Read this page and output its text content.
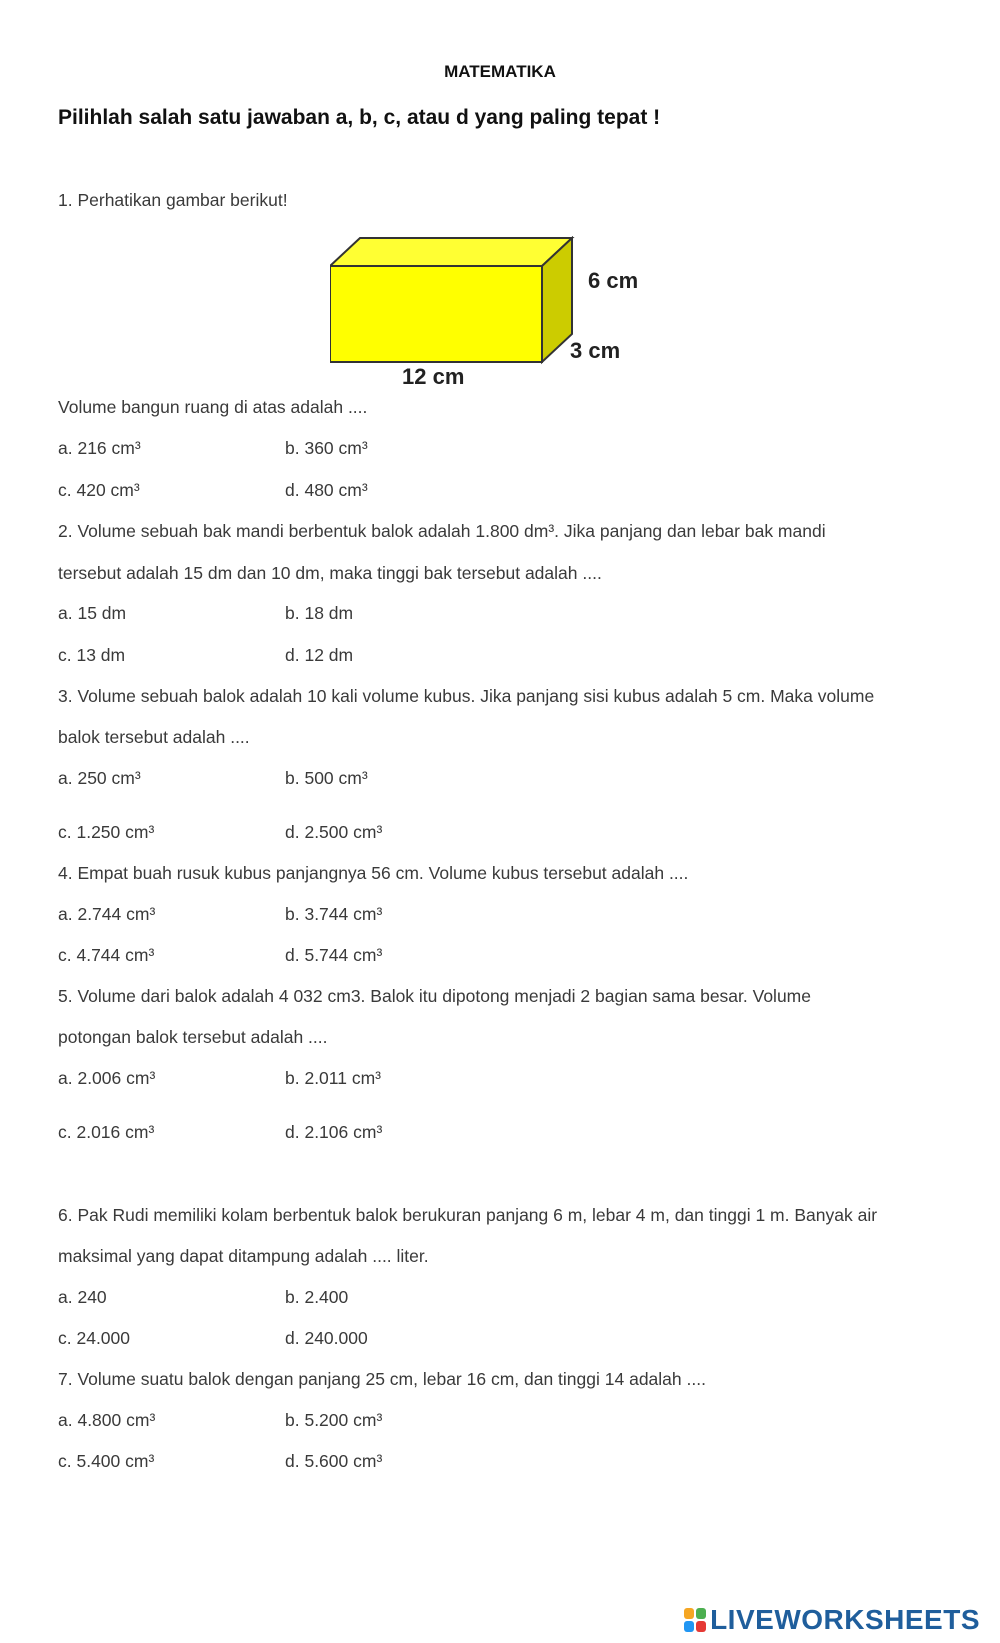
MATEMATIKA
Pilihlah salah satu jawaban a, b, c, atau d yang paling tepat !
1. Perhatikan gambar berikut!
6 cm
3 cm
12 cm
Volume bangun ruang di atas adalah ....
a. 216 cm³	b. 360 cm³
c. 420 cm³	d. 480 cm³
2. Volume sebuah bak mandi berbentuk balok adalah 1.800 dm³. Jika panjang dan lebar bak mandi
tersebut adalah 15 dm dan 10 dm, maka tinggi bak tersebut adalah ....
a. 15 dm	b. 18 dm
c. 13 dm	d. 12 dm
3. Volume sebuah balok adalah 10 kali volume kubus. Jika panjang sisi kubus adalah 5 cm. Maka volume
balok tersebut adalah ....
a. 250 cm³	b. 500 cm³
c. 1.250 cm³	d. 2.500 cm³
4. Empat buah rusuk kubus panjangnya 56 cm. Volume kubus tersebut adalah ....
a. 2.744 cm³	b. 3.744 cm³
c. 4.744 cm³	d. 5.744 cm³
5. Volume dari balok adalah 4 032 cm3. Balok itu dipotong menjadi 2 bagian sama besar. Volume
potongan balok tersebut adalah ....
a. 2.006 cm³	b. 2.011 cm³
c. 2.016 cm³	d. 2.106 cm³
6. Pak Rudi memiliki kolam berbentuk balok berukuran panjang 6 m, lebar 4 m, dan tinggi 1 m. Banyak air
maksimal yang dapat ditampung adalah .... liter.
a. 240	b. 2.400
c. 24.000	d. 240.000
7. Volume suatu balok dengan panjang 25 cm, lebar 16 cm, dan tinggi 14 adalah ....
a. 4.800 cm³	b. 5.200 cm³
c. 5.400 cm³	d. 5.600 cm³
LIVEWORKSHEETS
